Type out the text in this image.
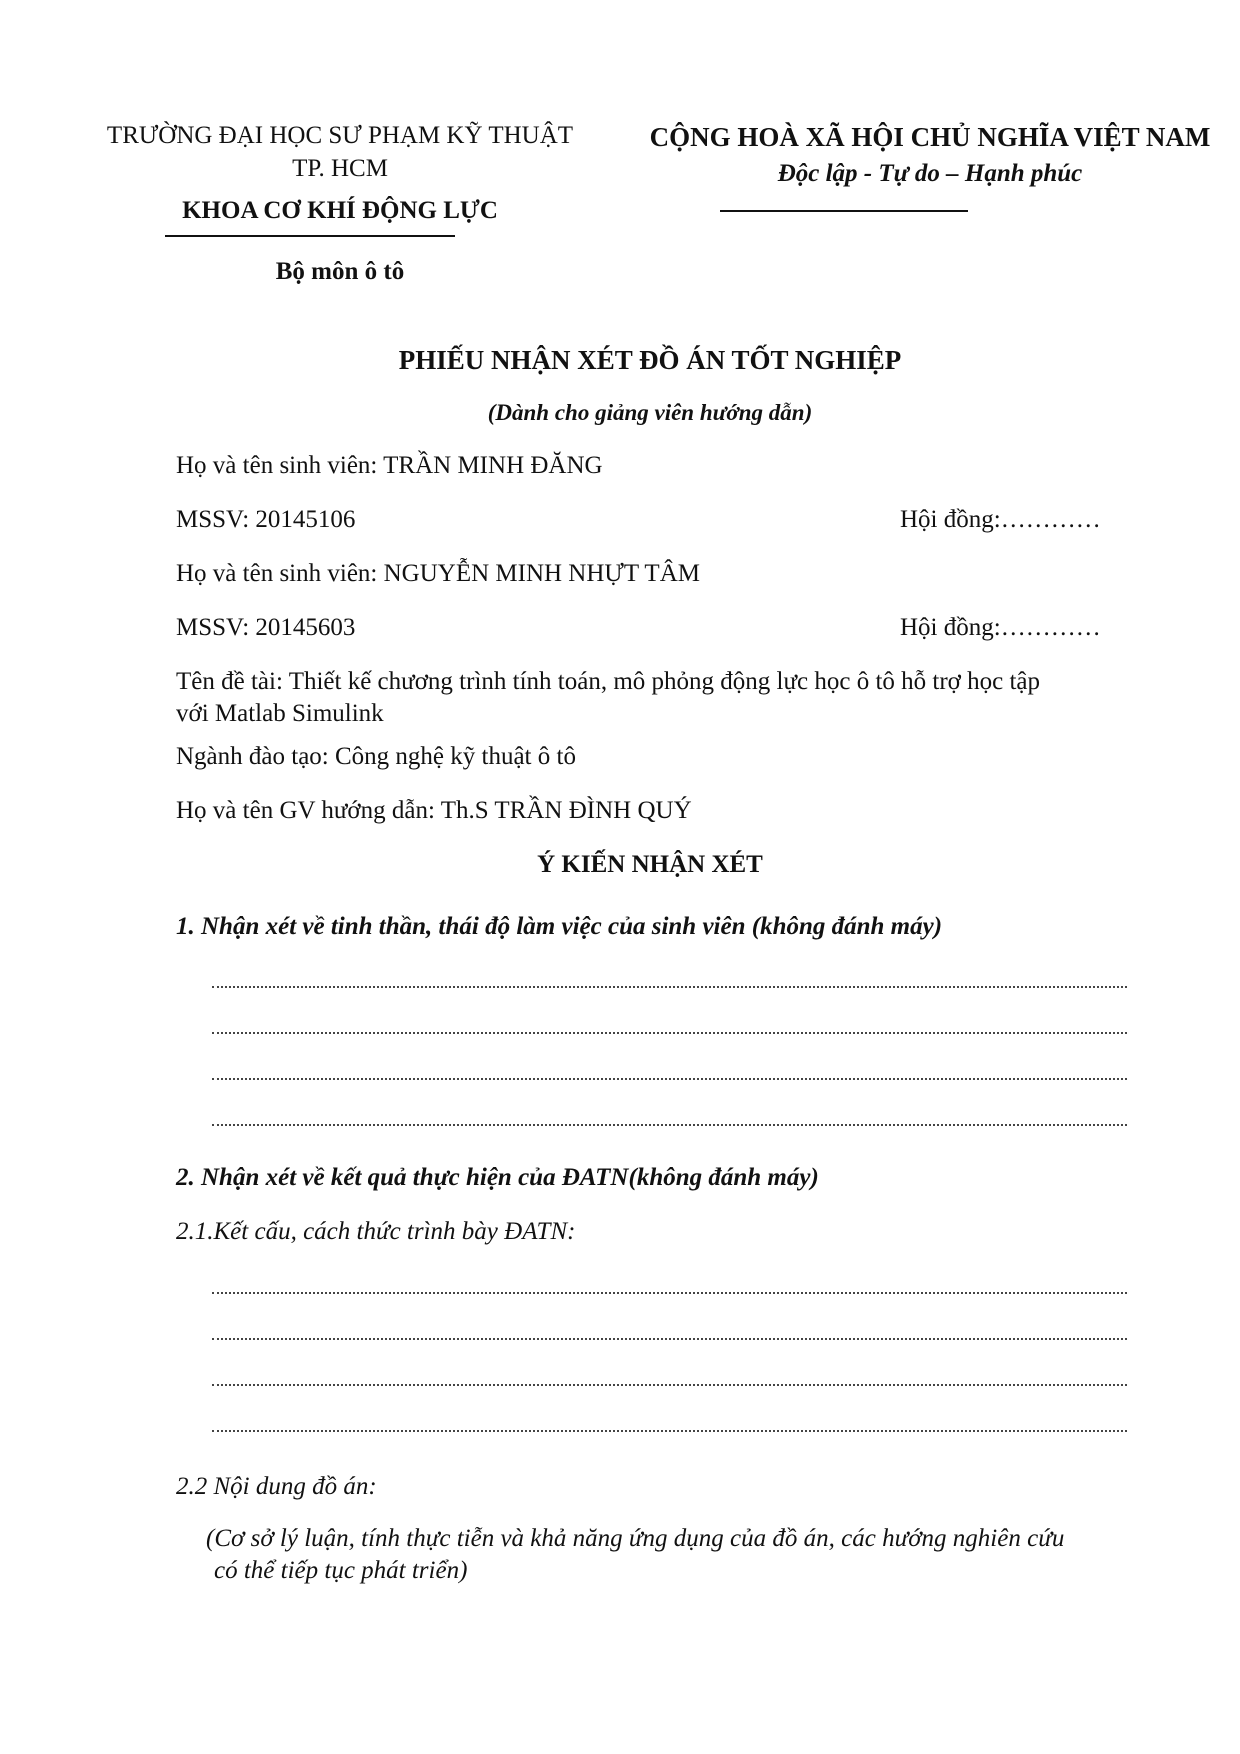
TRƯỜNG ĐẠI HỌC SƯ PHẠM KỸ THUẬT
TP. HCM
KHOA CƠ KHÍ ĐỘNG LỰC
Bộ môn ô tô
CỘNG HOÀ XÃ HỘI CHỦ NGHĨA VIỆT NAM
Độc lập - Tự do – Hạnh phúc
PHIẾU NHẬN XÉT ĐỒ ÁN TỐT NGHIỆP
(Dành cho giảng viên hướng dẫn)
Họ và tên sinh viên: TRẦN MINH ĐĂNG
MSSV: 20145106	Hội đồng:…………
Họ và tên sinh viên: NGUYỄN MINH NHỰT TÂM
MSSV: 20145603	Hội đồng:…………
Tên đề tài: Thiết kế chương trình tính toán, mô phỏng động lực học ô tô hỗ trợ học tập
với Matlab Simulink
Ngành đào tạo: Công nghệ kỹ thuật ô tô
Họ và tên GV hướng dẫn: Th.S TRẦN ĐÌNH QUÝ
Ý KIẾN NHẬN XÉT
1. Nhận xét về tinh thần, thái độ làm việc của sinh viên (không đánh máy)
2. Nhận xét về kết quả thực hiện của ĐATN(không đánh máy)
2.1.Kết cấu, cách thức trình bày ĐATN:
2.2 Nội dung đồ án:
(Cơ sở lý luận, tính thực tiễn và khả năng ứng dụng của đồ án, các hướng nghiên cứu
có thể tiếp tục phát triển)
